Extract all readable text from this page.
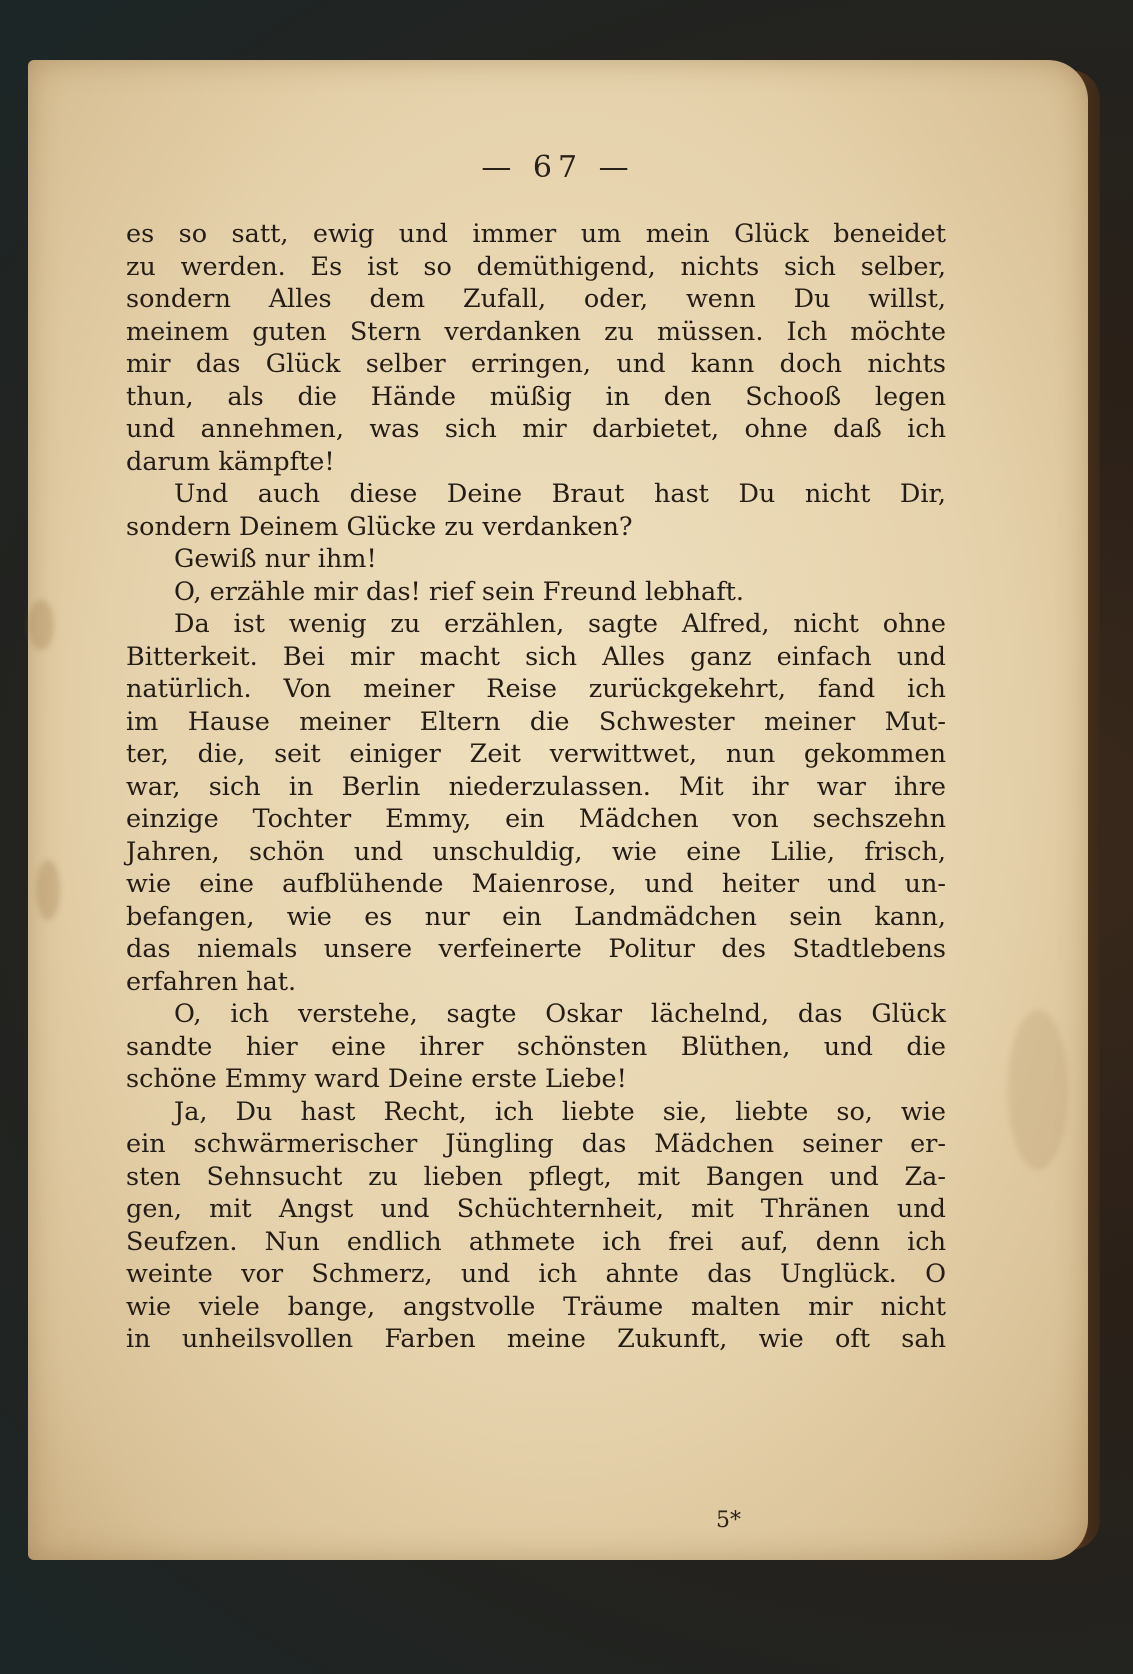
— 67 —
es so satt, ewig und immer um mein Glück beneidet
zu werden. Es ist so demüthigend, nichts sich selber,
sondern Alles dem Zufall, oder, wenn Du willst,
meinem guten Stern verdanken zu müssen. Ich möchte
mir das Glück selber erringen, und kann doch nichts
thun, als die Hände müßig in den Schooß legen
und annehmen, was sich mir darbietet, ohne daß ich
darum kämpfte!
Und auch diese Deine Braut hast Du nicht Dir,
sondern Deinem Glücke zu verdanken?
Gewiß nur ihm!
O, erzähle mir das! rief sein Freund lebhaft.
Da ist wenig zu erzählen, sagte Alfred, nicht ohne
Bitterkeit. Bei mir macht sich Alles ganz einfach und
natürlich. Von meiner Reise zurückgekehrt, fand ich
im Hause meiner Eltern die Schwester meiner Mut-
ter, die, seit einiger Zeit verwittwet, nun gekommen
war, sich in Berlin niederzulassen. Mit ihr war ihre
einzige Tochter Emmy, ein Mädchen von sechszehn
Jahren, schön und unschuldig, wie eine Lilie, frisch,
wie eine aufblühende Maienrose, und heiter und un-
befangen, wie es nur ein Landmädchen sein kann,
das niemals unsere verfeinerte Politur des Stadtlebens
erfahren hat.
O, ich verstehe, sagte Oskar lächelnd, das Glück
sandte hier eine ihrer schönsten Blüthen, und die
schöne Emmy ward Deine erste Liebe!
Ja, Du hast Recht, ich liebte sie, liebte so, wie
ein schwärmerischer Jüngling das Mädchen seiner er-
sten Sehnsucht zu lieben pflegt, mit Bangen und Za-
gen, mit Angst und Schüchternheit, mit Thränen und
Seufzen. Nun endlich athmete ich frei auf, denn ich
weinte vor Schmerz, und ich ahnte das Unglück. O
wie viele bange, angstvolle Träume malten mir nicht
in unheilsvollen Farben meine Zukunft, wie oft sah
5*
